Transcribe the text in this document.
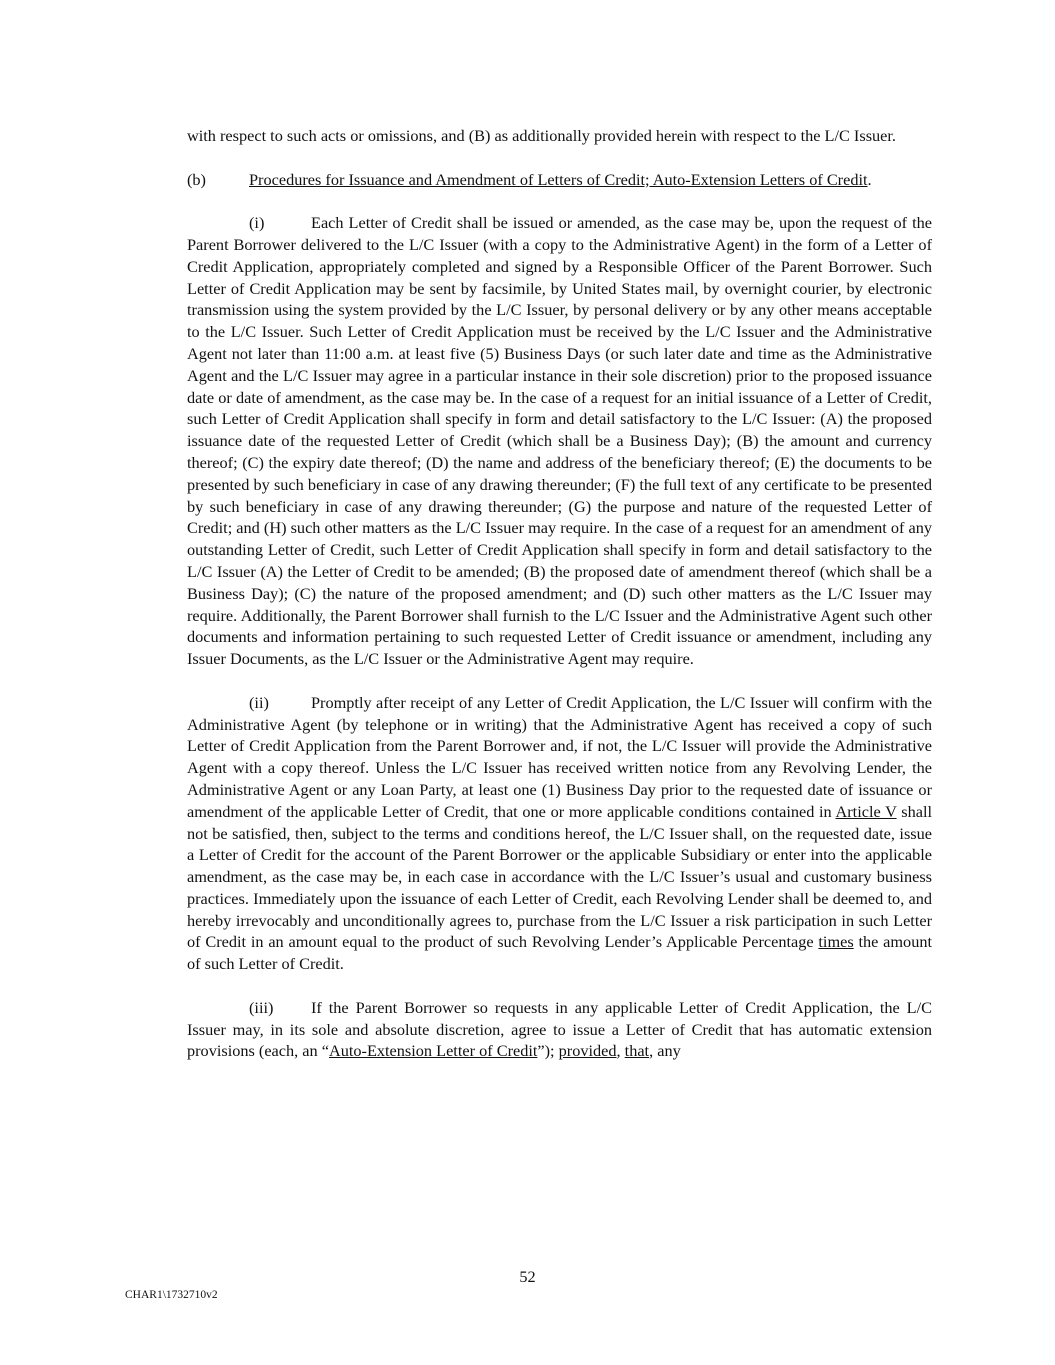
with respect to such acts or omissions, and (B) as additionally provided herein with respect to the L/C Issuer.

(b)	Procedures for Issuance and Amendment of Letters of Credit; Auto-Extension Letters of Credit.

(i)	Each Letter of Credit shall be issued or amended, as the case may be, upon the request of the Parent Borrower delivered to the L/C Issuer (with a copy to the Administrative Agent) in the form of a Letter of Credit Application, appropriately completed and signed by a Responsible Officer of the Parent Borrower. Such Letter of Credit Application may be sent by facsimile, by United States mail, by overnight courier, by electronic transmission using the system provided by the L/C Issuer, by personal delivery or by any other means acceptable to the L/C Issuer. Such Letter of Credit Application must be received by the L/C Issuer and the Administrative Agent not later than 11:00 a.m. at least five (5) Business Days (or such later date and time as the Administrative Agent and the L/C Issuer may agree in a particular instance in their sole discretion) prior to the proposed issuance date or date of amendment, as the case may be. In the case of a request for an initial issuance of a Letter of Credit, such Letter of Credit Application shall specify in form and detail satisfactory to the L/C Issuer: (A) the proposed issuance date of the requested Letter of Credit (which shall be a Business Day); (B) the amount and currency thereof; (C) the expiry date thereof; (D) the name and address of the beneficiary thereof; (E) the documents to be presented by such beneficiary in case of any drawing thereunder; (F) the full text of any certificate to be presented by such beneficiary in case of any drawing thereunder; (G) the purpose and nature of the requested Letter of Credit; and (H) such other matters as the L/C Issuer may require. In the case of a request for an amendment of any outstanding Letter of Credit, such Letter of Credit Application shall specify in form and detail satisfactory to the L/C Issuer (A) the Letter of Credit to be amended; (B) the proposed date of amendment thereof (which shall be a Business Day); (C) the nature of the proposed amendment; and (D) such other matters as the L/C Issuer may require. Additionally, the Parent Borrower shall furnish to the L/C Issuer and the Administrative Agent such other documents and information pertaining to such requested Letter of Credit issuance or amendment, including any Issuer Documents, as the L/C Issuer or the Administrative Agent may require.

(ii)	Promptly after receipt of any Letter of Credit Application, the L/C Issuer will confirm with the Administrative Agent (by telephone or in writing) that the Administrative Agent has received a copy of such Letter of Credit Application from the Parent Borrower and, if not, the L/C Issuer will provide the Administrative Agent with a copy thereof. Unless the L/C Issuer has received written notice from any Revolving Lender, the Administrative Agent or any Loan Party, at least one (1) Business Day prior to the requested date of issuance or amendment of the applicable Letter of Credit, that one or more applicable conditions contained in Article V shall not be satisfied, then, subject to the terms and conditions hereof, the L/C Issuer shall, on the requested date, issue a Letter of Credit for the account of the Parent Borrower or the applicable Subsidiary or enter into the applicable amendment, as the case may be, in each case in accordance with the L/C Issuer’s usual and customary business practices. Immediately upon the issuance of each Letter of Credit, each Revolving Lender shall be deemed to, and hereby irrevocably and unconditionally agrees to, purchase from the L/C Issuer a risk participation in such Letter of Credit in an amount equal to the product of such Revolving Lender’s Applicable Percentage times the amount of such Letter of Credit.

(iii) If the Parent Borrower so requests in any applicable Letter of Credit Application, the L/C Issuer may, in its sole and absolute discretion, agree to issue a Letter of Credit that has automatic extension provisions (each, an “Auto-Extension Letter of Credit”); provided, that, any

52
CHAR1\1732710v2
